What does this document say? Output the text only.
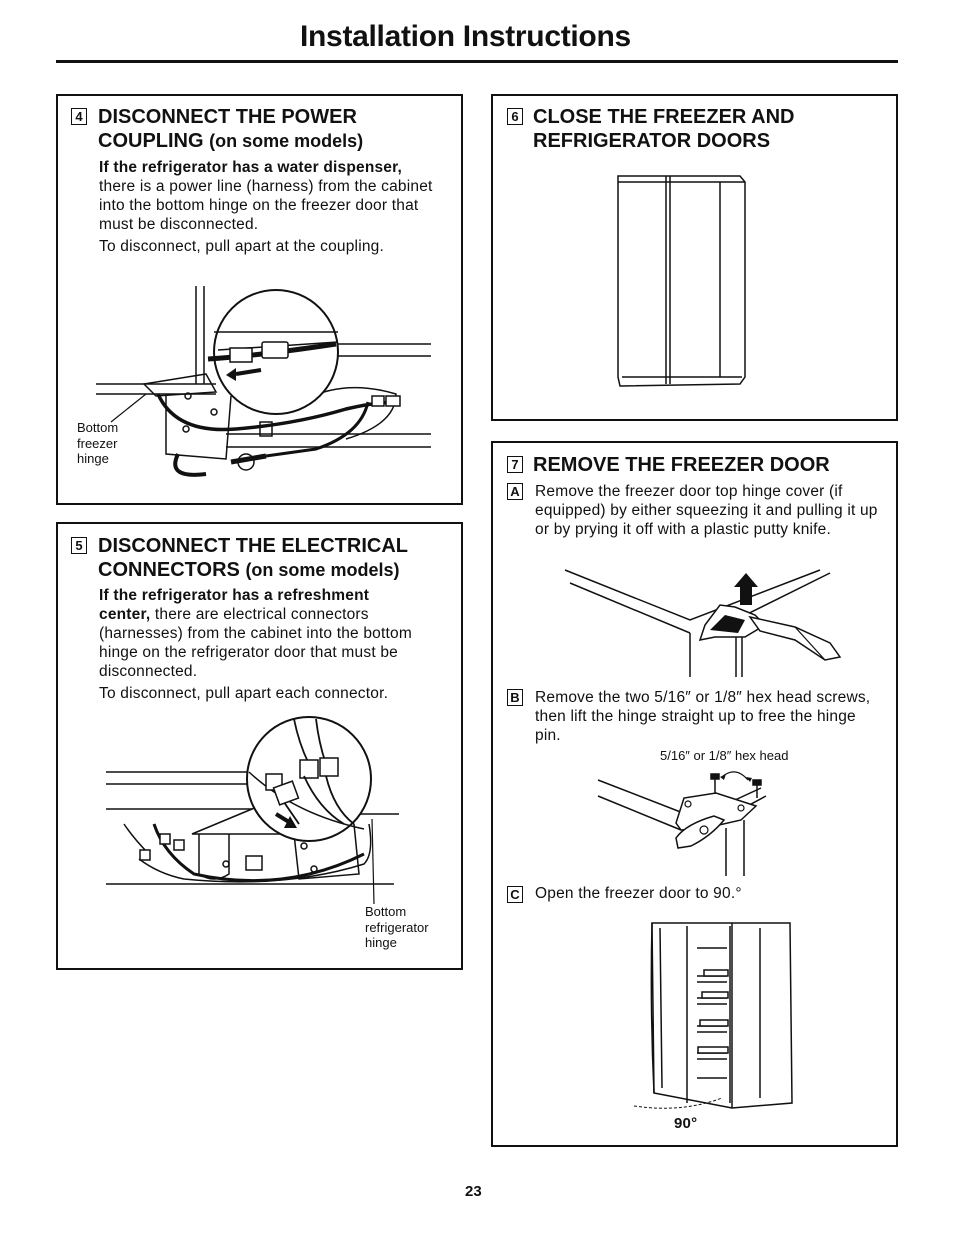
Installation Instructions
4 DISCONNECT THE POWER
COUPLING (on some models)
If the refrigerator has a water dispenser, there is a power line (harness) from the cabinet into the bottom hinge on the freezer door that must be disconnected.
To disconnect, pull apart at the coupling.
Bottom freezer hinge
5 DISCONNECT THE ELECTRICAL
CONNECTORS (on some models)
If the refrigerator has a refreshment center, there are electrical connectors (harnesses) from the cabinet into the bottom hinge on the refrigerator door that must be disconnected.
To disconnect, pull apart each connector.
Bottom refrigerator hinge
6 CLOSE THE FREEZER AND
REFRIGERATOR DOORS
7 REMOVE THE FREEZER DOOR
A Remove the freezer door top hinge cover (if equipped) by either squeezing it and pulling it up or by prying it off with a plastic putty knife.
B Remove the two 5/16″ or 1/8″ hex head screws, then lift the hinge straight up to free the hinge pin.
5/16″ or 1/8″ hex head
C Open the freezer door to 90.°
90°
23
